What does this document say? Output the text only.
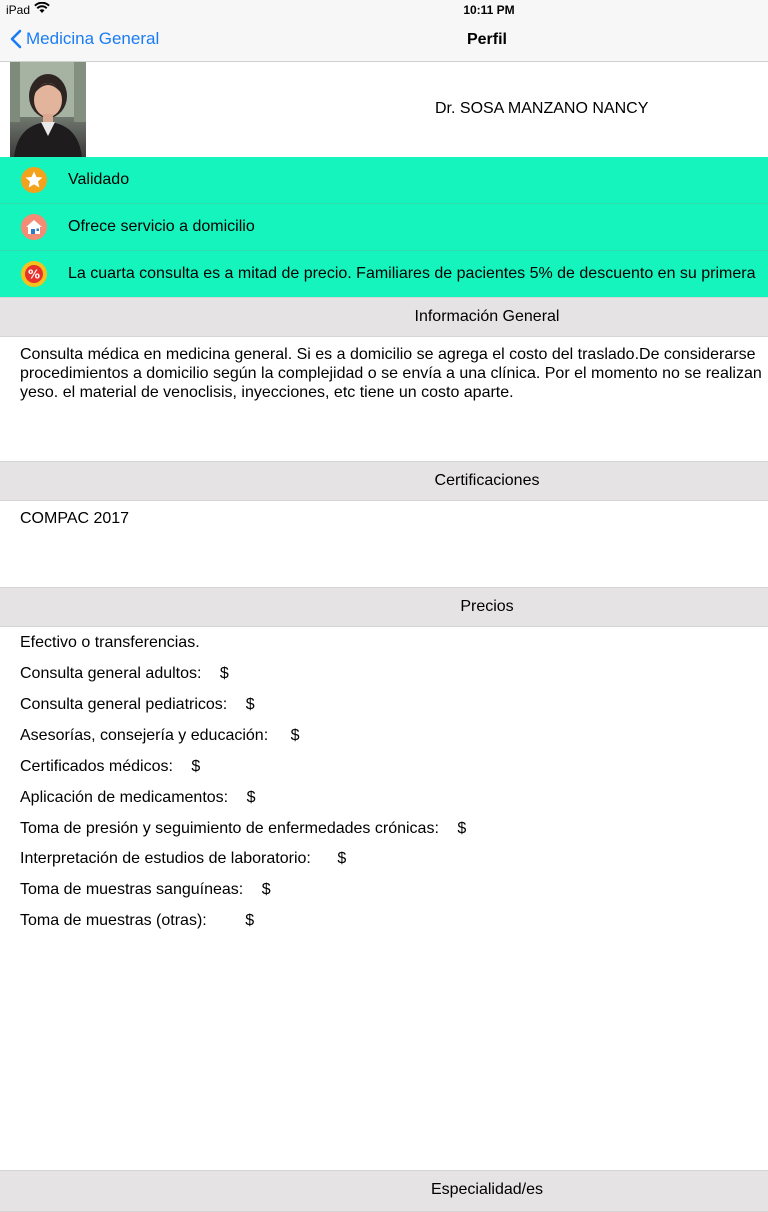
iPad	10:11 PM
Medicina General	Perfil
Dr. SOSA MANZANO NANCY
Validado
Ofrece servicio a domicilio
% La cuarta consulta es a mitad de precio. Familiares de pacientes 5% de descuento en su primera
Información General
Consulta médica en medicina general. Si es a domicilio se agrega el costo del traslado.De considerarse
procedimientos a domicilio según la complejidad o se envía a una clínica. Por el momento no se realizan
yeso. el material de venoclisis, inyecciones, etc tiene un costo aparte.
Certificaciones
COMPAC 2017
Precios
Efectivo o transferencias.
Consulta general adultos: $
Consulta general pediatricos: $
Asesorías, consejería y educación: $
Certificados médicos: $
Aplicación de medicamentos: $
Toma de presión y seguimiento de enfermedades crónicas: $
Interpretación de estudios de laboratorio: $
Toma de muestras sanguíneas: $
Toma de muestras (otras): $
Especialidad/es
